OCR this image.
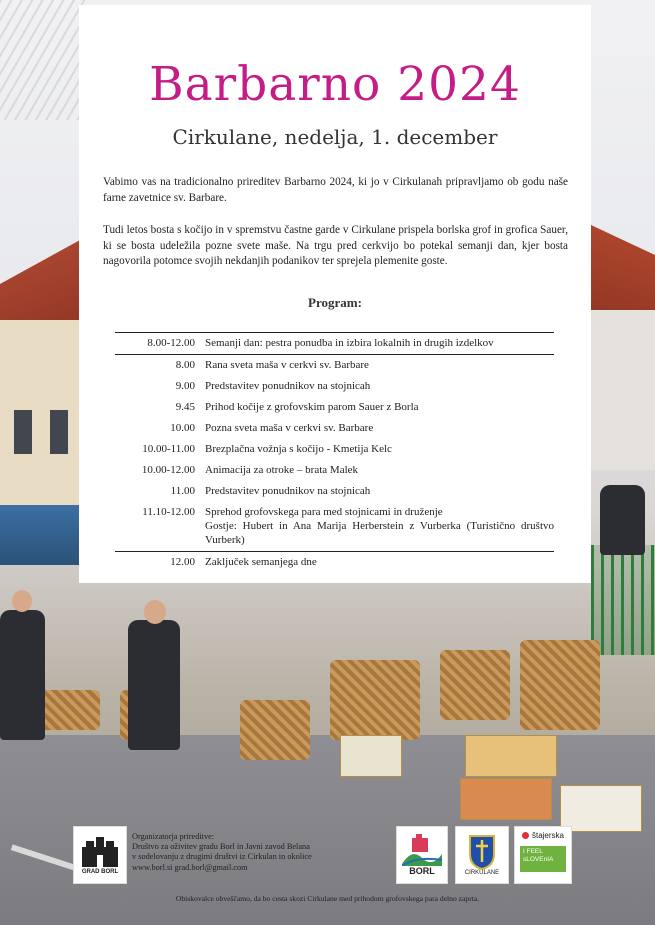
Barbarno 2024
Cirkulane, nedelja, 1. december

Vabimo vas na tradicionalno prireditev Barbarno 2024, ki jo v Cirkulanah pripravljamo ob godu naše farne zavetnice sv. Barbare.

Tudi letos bosta s kočijo in v spremstvu častne garde v Cirkulane prispela borlska grof in grofica Sauer, ki se bosta udeležila pozne svete maše. Na trgu pred cerkvijo bo potekal semanji dan, kjer bosta nagovorila potomce svojih nekdanjih podanikov ter sprejela plemenite goste.

Program:

8.00-12.00 Semanji dan: pestra ponudba in izbira lokalnih in drugih izdelkov
8.00 Rana sveta maša v cerkvi sv. Barbare
9.00 Predstavitev ponudnikov na stojnicah
9.45 Prihod kočije z grofovskim parom Sauer z Borla
10.00 Pozna sveta maša v cerkvi sv. Barbare
10.00-11.00 Brezplačna vožnja s kočijo - Kmetija Kelc
10.00-12.00 Animacija za otroke – brata Malek
11.00 Predstavitev ponudnikov na stojnicah
11.10-12.00 Sprehod grofovskega para med stojnicami in druženje
Gostje: Hubert in Ana Marija Herberstein z Vurberka (Turistično društvo Vurberk)
12.00 Zaključek semanjega dne
GRAD BORL
Organizatorja prireditve:
Društvo za oživitev gradu Borl in Javni zavod Belana
v sodelovanju z drugimi društvi iz Cirkulan in okolice
www.borl.si grad.borl@gmail.com	BORL	CIRKULANE
štajerska
I FEEL sLOVEnIA
Obiskovalce obveščamo, da bo cesta skozi Cirkulane med prihodom grofovskega para delno zaprta.
